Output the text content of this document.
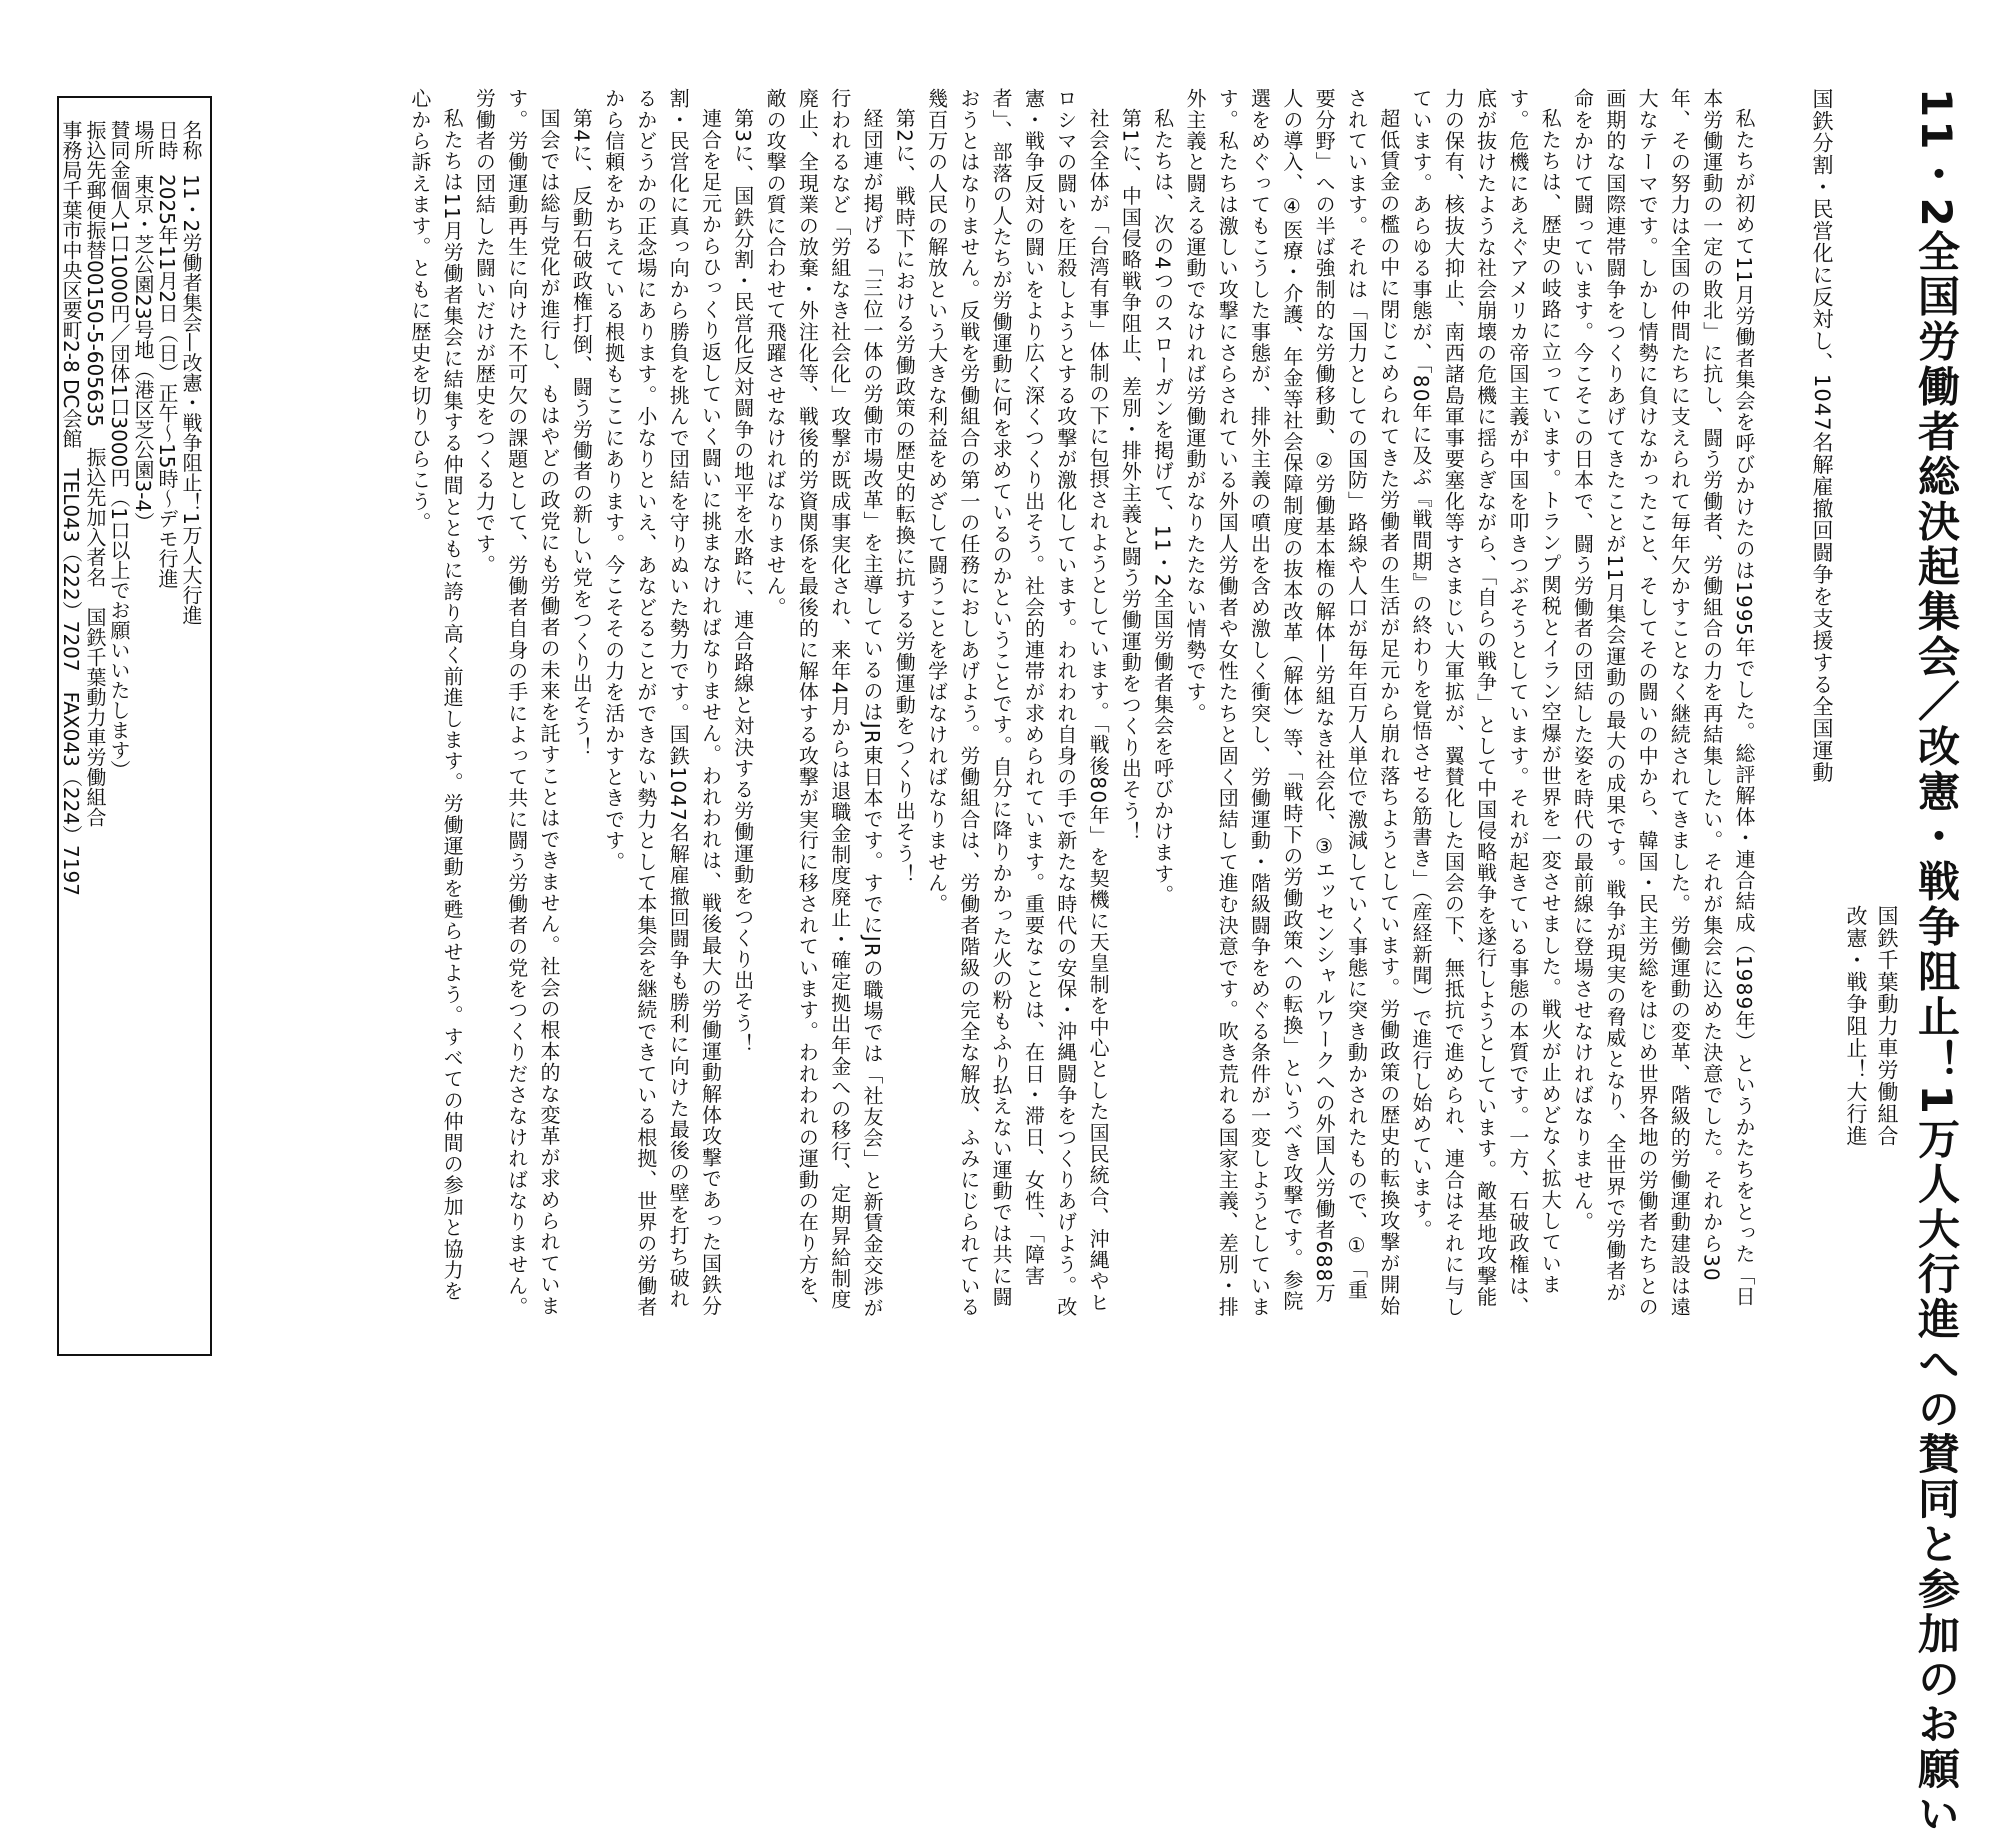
11・2全国労働者総決起集会／改憲・戦争阻止！1万人大行進への賛同と参加のお願い
国鉄千葉動力車労働組合
改憲・戦争阻止！大行進
国鉄分割・民営化に反対し、1047名解雇撤回闘争を支援する全国運動

私たちが初めて11月労働者集会を呼びかけたのは1995年でした。総評解体・連合結成（1989年）というかたちをとった「日本労働運動の一定の敗北」に抗し、闘う労働者、労働組合の力を再結集したい。それが集会に込めた決意でした。それから30年、その努力は全国の仲間たちに支えられて毎年欠かすことなく継続されてきました。労働運動の変革、階級的労働運動建設は遠大なテーマです。しかし情勢に負けなかったこと、そしてその闘いの中から、韓国・民主労総をはじめ世界各地の労働者たちとの画期的な国際連帯闘争をつくりあげてきたことが11月集会運動の最大の成果です。戦争が現実の脅威となり、全世界で労働者が命をかけて闘っています。今こそこの日本で、闘う労働者の団結した姿を時代の最前線に登場させなければなりません。

私たちは、歴史の岐路に立っています。トランプ関税とイラン空爆が世界を一変させました。戦火が止めどなく拡大しています。危機にあえぐアメリカ帝国主義が中国を叩きつぶそうとしています。それが起きている事態の本質です。一方、石破政権は、底が抜けたような社会崩壊の危機に揺らぎながら、「自らの戦争」として中国侵略戦争を遂行しようとしています。敵基地攻撃能力の保有、核抜大抑止、南西諸島軍事要塞化等すさまじい大軍拡が、翼賛化した国会の下、無抵抗で進められ、連合はそれに与しています。あらゆる事態が、「80年に及ぶ『戦間期』の終わりを覚悟させる筋書き」（産経新聞）で進行し始めています。

超低賃金の檻の中に閉じこめられてきた労働者の生活が足元から崩れ落ちようとしています。労働政策の歴史的転換攻撃が開始されています。それは「国力としての国防」路線や人口が毎年百万人単位で激減していく事態に突き動かされたもので、①「重要分野」への半ば強制的な労働移動、②労働基本権の解体—労組なき社会化、③エッセンシャルワークへの外国人労働者688万人の導入、④医療・介護、年金等社会保障制度の抜本改革（解体）等、「戦時下の労働政策への転換」というべき攻撃です。参院選をめぐってもこうした事態が、排外主義の噴出を含め激しく衝突し、労働運動・階級闘争をめぐる条件が一変しようとしています。私たちは激しい攻撃にさらされている外国人労働者や女性たちと固く団結して進む決意です。吹き荒れる国家主義、差別・排外主義と闘える運動でなければ労働運動がなりたたない情勢です。

私たちは、次の4つのスローガンを掲げて、11・2全国労働者集会を呼びかけます。

第1に、中国侵略戦争阻止、差別・排外主義と闘う労働運動をつくり出そう！

社会全体が「台湾有事」体制の下に包摂されようとしています。「戦後80年」を契機に天皇制を中心とした国民統合、沖縄やヒロシマの闘いを圧殺しようとする攻撃が激化しています。われわれ自身の手で新たな時代の安保・沖縄闘争をつくりあげよう。改憲・戦争反対の闘いをより広く深くつくり出そう。社会的連帯が求められています。重要なことは、在日・滞日、女性、「障害者」、部落の人たちが労働運動に何を求めているのかということです。自分に降りかかった火の粉もふり払えない運動では共に闘おうとはなりません。反戦を労働組合の第一の任務におしあげよう。労働組合は、労働者階級の完全な解放、ふみにじられている幾百万の人民の解放という大きな利益をめざして闘うことを学ばなければなりません。

第2に、戦時下における労働政策の歴史的転換に抗する労働運動をつくり出そう！

経団連が掲げる「三位一体の労働市場改革」を主導しているのはJR東日本です。すでにJRの職場では「社友会」と新賃金交渉が行われるなど「労組なき社会化」攻撃が既成事実化され、来年4月からは退職金制度廃止・確定拠出年金への移行、定期昇給制度廃止、全現業の放棄・外注化等、戦後的労資関係を最後的に解体する攻撃が実行に移されています。われわれの運動の在り方を、敵の攻撃の質に合わせて飛躍させなければなりません。

第3に、国鉄分割・民営化反対闘争の地平を水路に、連合路線と対決する労働運動をつくり出そう！

連合を足元からひっくり返していく闘いに挑まなければなりません。われわれは、戦後最大の労働運動解体攻撃であった国鉄分割・民営化に真っ向から勝負を挑んで団結を守りぬいた勢力です。国鉄1047名解雇撤回闘争も勝利に向けた最後の壁を打ち破れるかどうかの正念場にあります。小なりといえ、あなどることができない勢力として本集会を継続できている根拠、世界の労働者から信頼をかちえている根拠もここにあります。今こそその力を活かすときです。

第4に、反動石破政権打倒、闘う労働者の新しい党をつくり出そう！

国会では総与党化が進行し、もはやどの政党にも労働者の未来を託すことはできません。社会の根本的な変革が求められています。労働運動再生に向けた不可欠の課題として、労働者自身の手によって共に闘う労働者の党をつくりださなければなりません。労働者の団結した闘いだけが歴史をつくる力です。

私たちは11月労働者集会に結集する仲間とともに誇り高く前進します。労働運動を甦らせよう。すべての仲間の参加と協力を心から訴えます。ともに歴史を切りひらこう。

名称11・2労働者集会—改憲・戦争阻止！1万人大行進
日時2025年11月2日（日）正午〜15時〜デモ行進
場所東京・芝公園23号地（港区芝公園3-4）
賛同金個人1口1000円／団体1口3000円（1口以上でお願いいたします）
振込先郵便振替00150-5-605635　振込先加入者名　国鉄千葉動力車労働組合
事務局千葉市中央区要町2-8 DC会館　TEL043（222）7207　FAX043（224）7197
